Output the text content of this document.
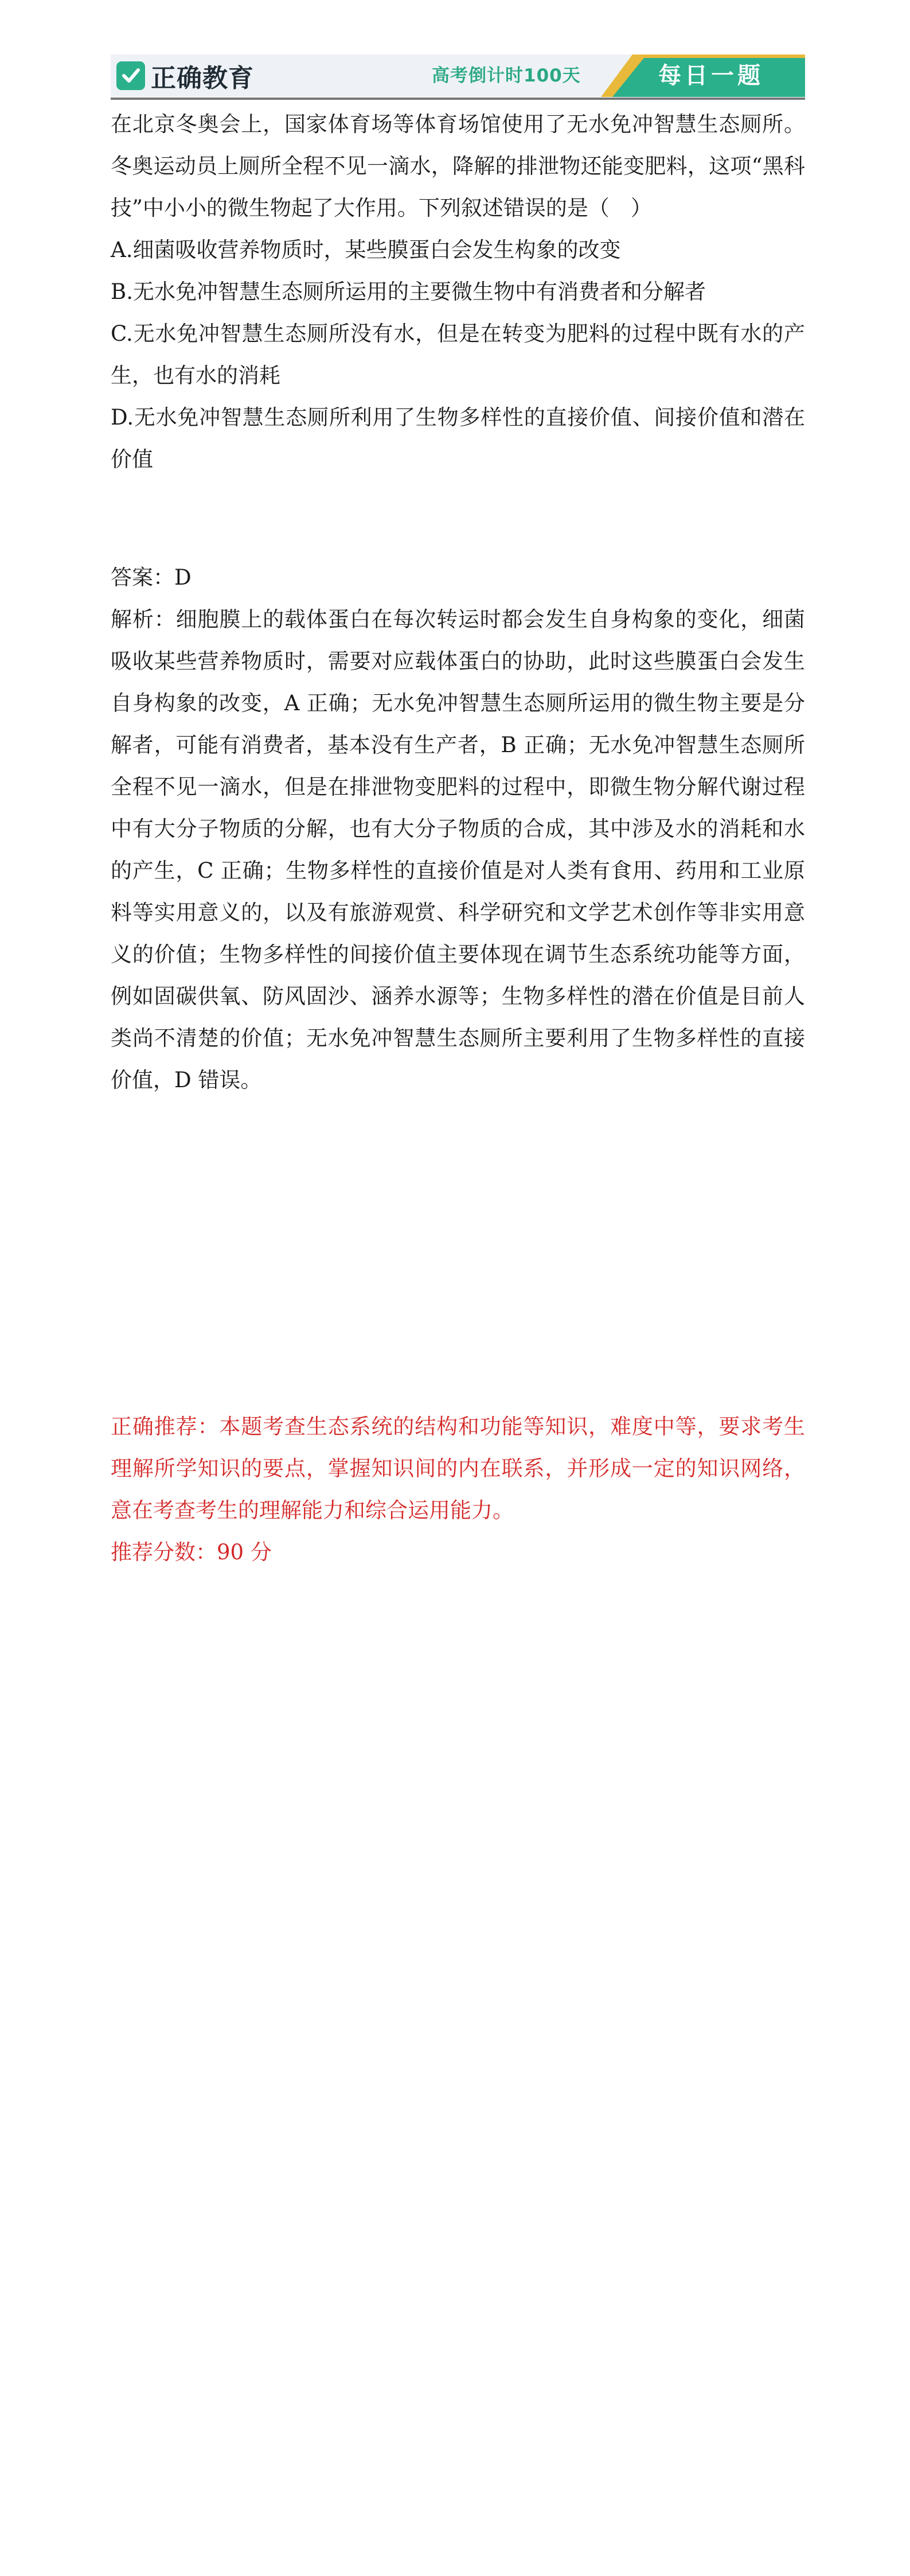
正确教育	高考倒计时100天	每日一题

在北京冬奥会上，国家体育场等体育场馆使用了无水免冲智慧生态厕所。冬奥运动员上厕所全程不见一滴水，降解的排泄物还能变肥料，这项“黑科技”中小小的微生物起了大作用。下列叙述错误的是（　）

A.细菌吸收营养物质时，某些膜蛋白会发生构象的改变

B.无水免冲智慧生态厕所运用的主要微生物中有消费者和分解者

C.无水免冲智慧生态厕所没有水，但是在转变为肥料的过程中既有水的产生，也有水的消耗

D.无水免冲智慧生态厕所利用了生物多样性的直接价值、间接价值和潜在价值

答案：D

解析：细胞膜上的载体蛋白在每次转运时都会发生自身构象的变化，细菌吸收某些营养物质时，需要对应载体蛋白的协助，此时这些膜蛋白会发生自身构象的改变，A 正确；无水免冲智慧生态厕所运用的微生物主要是分解者，可能有消费者，基本没有生产者，B 正确；无水免冲智慧生态厕所全程不见一滴水，但是在排泄物变肥料的过程中，即微生物分解代谢过程中有大分子物质的分解，也有大分子物质的合成，其中涉及水的消耗和水的产生，C 正确；生物多样性的直接价值是对人类有食用、药用和工业原料等实用意义的，以及有旅游观赏、科学研究和文学艺术创作等非实用意义的价值；生物多样性的间接价值主要体现在调节生态系统功能等方面，例如固碳供氧、防风固沙、涵养水源等；生物多样性的潜在价值是目前人类尚不清楚的价值；无水免冲智慧生态厕所主要利用了生物多样性的直接价值，D 错误。

正确推荐：本题考查生态系统的结构和功能等知识，难度中等，要求考生理解所学知识的要点，掌握知识间的内在联系，并形成一定的知识网络，意在考查考生的理解能力和综合运用能力。

推荐分数：90 分
